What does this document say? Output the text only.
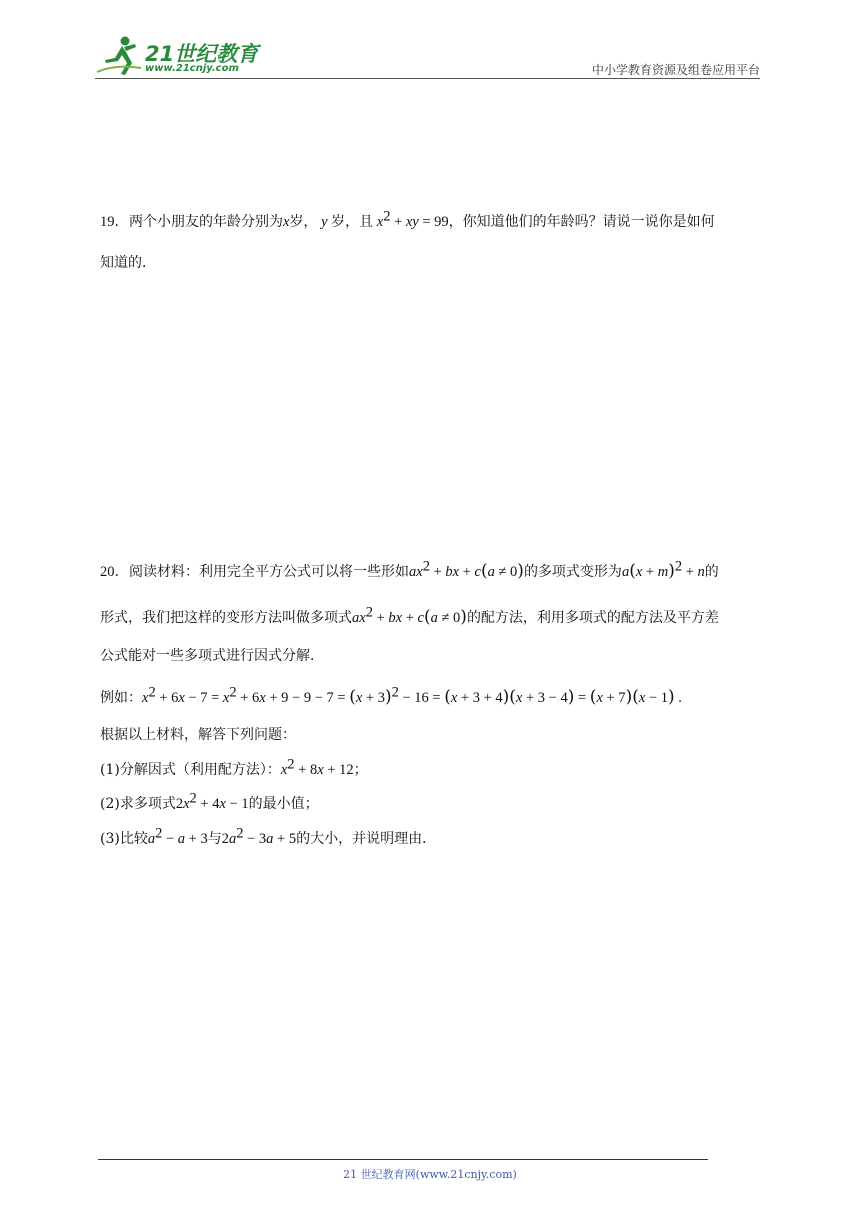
21世纪教育
www.21cnjy.com	中小学教育资源及组卷应用平台
19．两个小朋友的年龄分别为x岁， y 岁，且 $x^2$ + xy = 99，你知道他们的年龄吗？请说一说你是如何
知道的．
20．阅读材料：利用完全平方公式可以将一些形如$ax^2$ + bx + c(a ≠ 0)的多项式变形为$a(x + m)^2 + n$的
形式，我们把这样的变形方法叫做多项式$ax^2$ + bx + c(a ≠ 0)的配方法，利用多项式的配方法及平方差
公式能对一些多项式进行因式分解．
例如：$x^2 + 6x - 7 = x^2 + 6x + 9 - 9 - 7 = (x + 3)^2 - 16 = (x + 3 + 4)(x + 3 - 4) = (x + 7)(x - 1)$ .
根据以上材料，解答下列问题：
(1)分解因式（利用配方法）：$x^2 + 8x + 12$；
(2)求多项式$2x^2 + 4x - 1$的最小值；
(3)比较$a^2 - a + 3$与$2a^2 - 3a + 5$的大小，并说明理由．
21 世纪教育网(www.21cnjy.com)
